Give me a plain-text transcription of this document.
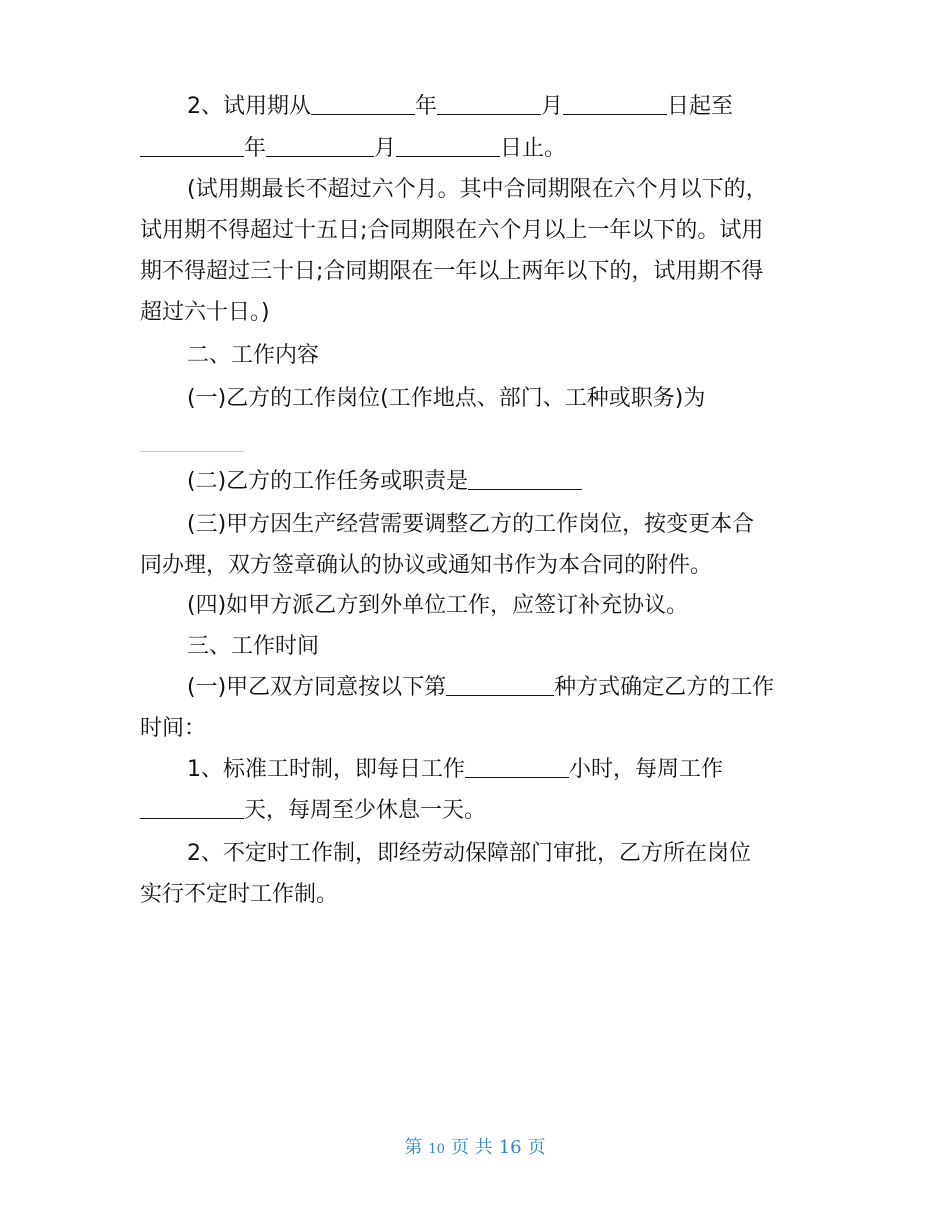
2、试用期从	年	月	日起至
年	月	日止。
(试用期最长不超过六个月。其中合同期限在六个月以下的，
试用期不得超过十五日;合同期限在六个月以上一年以下的。试用
期不得超过三十日;合同期限在一年以上两年以下的，试用期不得
超过六十日。)
二、工作内容
(一)乙方的工作岗位(工作地点、部门、工种或职务)为
(二)乙方的工作任务或职责是
(三)甲方因生产经营需要调整乙方的工作岗位，按变更本合
同办理，双方签章确认的协议或通知书作为本合同的附件。
(四)如甲方派乙方到外单位工作，应签订补充协议。
三、工作时间
(一)甲乙双方同意按以下第	种方式确定乙方的工作
时间：
1、标准工时制，即每日工作	小时，每周工作
天，每周至少休息一天。
2、不定时工作制，即经劳动保障部门审批，乙方所在岗位
实行不定时工作制。
第 10 页 共 16 页
